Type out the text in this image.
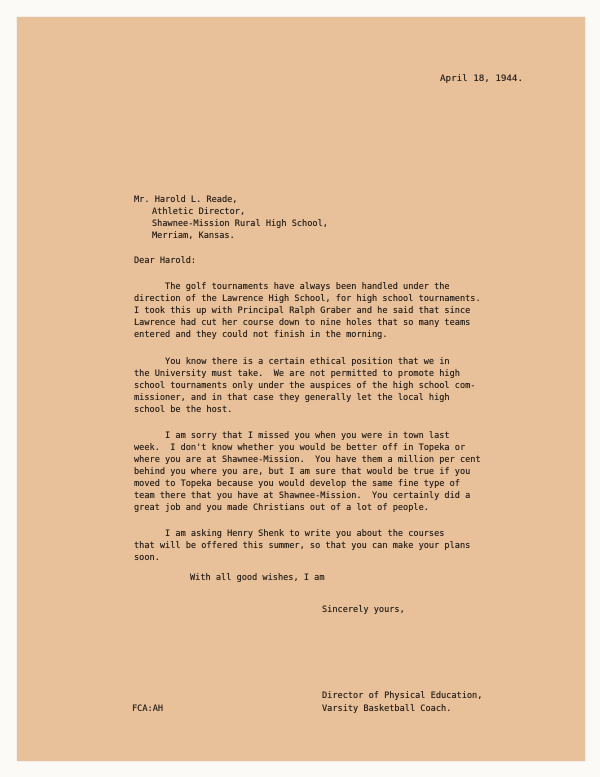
April 18, 1944.
Mr. Harold L. Reade,
Athletic Director,
Shawnee-Mission Rural High School,
Merriam, Kansas.
Dear Harold:
The golf tournaments have always been handled under the
direction of the Lawrence High School, for high school tournaments.
I took this up with Principal Ralph Graber and he said that since
Lawrence had cut her course down to nine holes that so many teams
entered and they could not finish in the morning.
You know there is a certain ethical position that we in
the University must take.  We are not permitted to promote high
school tournaments only under the auspices of the high school com-
missioner, and in that case they generally let the local high
school be the host.
I am sorry that I missed you when you were in town last
week.  I don't know whether you would be better off in Topeka or
where you are at Shawnee-Mission.  You have them a million per cent
behind you where you are, but I am sure that would be true if you
moved to Topeka because you would develop the same fine type of
team there that you have at Shawnee-Mission.  You certainly did a
great job and you made Christians out of a lot of people.
I am asking Henry Shenk to write you about the courses
that will be offered this summer, so that you can make your plans
soon.
With all good wishes, I am
Sincerely yours,
Director of Physical Education,
Varsity Basketball Coach.
FCA:AH
